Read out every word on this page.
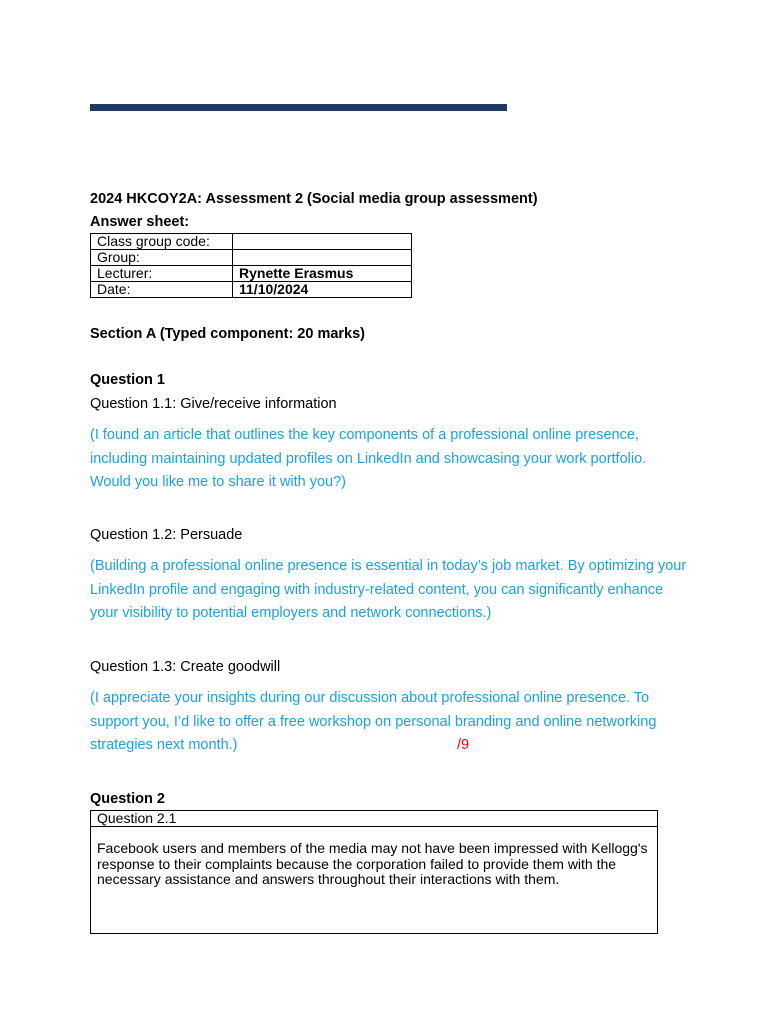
2024 HKCOY2A: Assessment 2 (Social media group assessment)
Answer sheet:
Class group code:	
Group:	
Lecturer:	Rynette Erasmus
Date:	11/10/2024
Section A (Typed component: 20 marks)
Question 1
Question 1.1: Give/receive information
(I found an article that outlines the key components of a professional online presence, including maintaining updated profiles on LinkedIn and showcasing your work portfolio. Would you like me to share it with you?)
Question 1.2: Persuade
(Building a professional online presence is essential in today’s job market. By optimizing your LinkedIn profile and engaging with industry-related content, you can significantly enhance your visibility to potential employers and network connections.)
Question 1.3: Create goodwill
(I appreciate your insights during our discussion about professional online presence. To support you, I’d like to offer a free workshop on personal branding and online networking strategies next month.)	/9
Question 2
Question 2.1
Facebook users and members of the media may not have been impressed with Kellogg's response to their complaints because the corporation failed to provide them with the necessary assistance and answers throughout their interactions with them.
